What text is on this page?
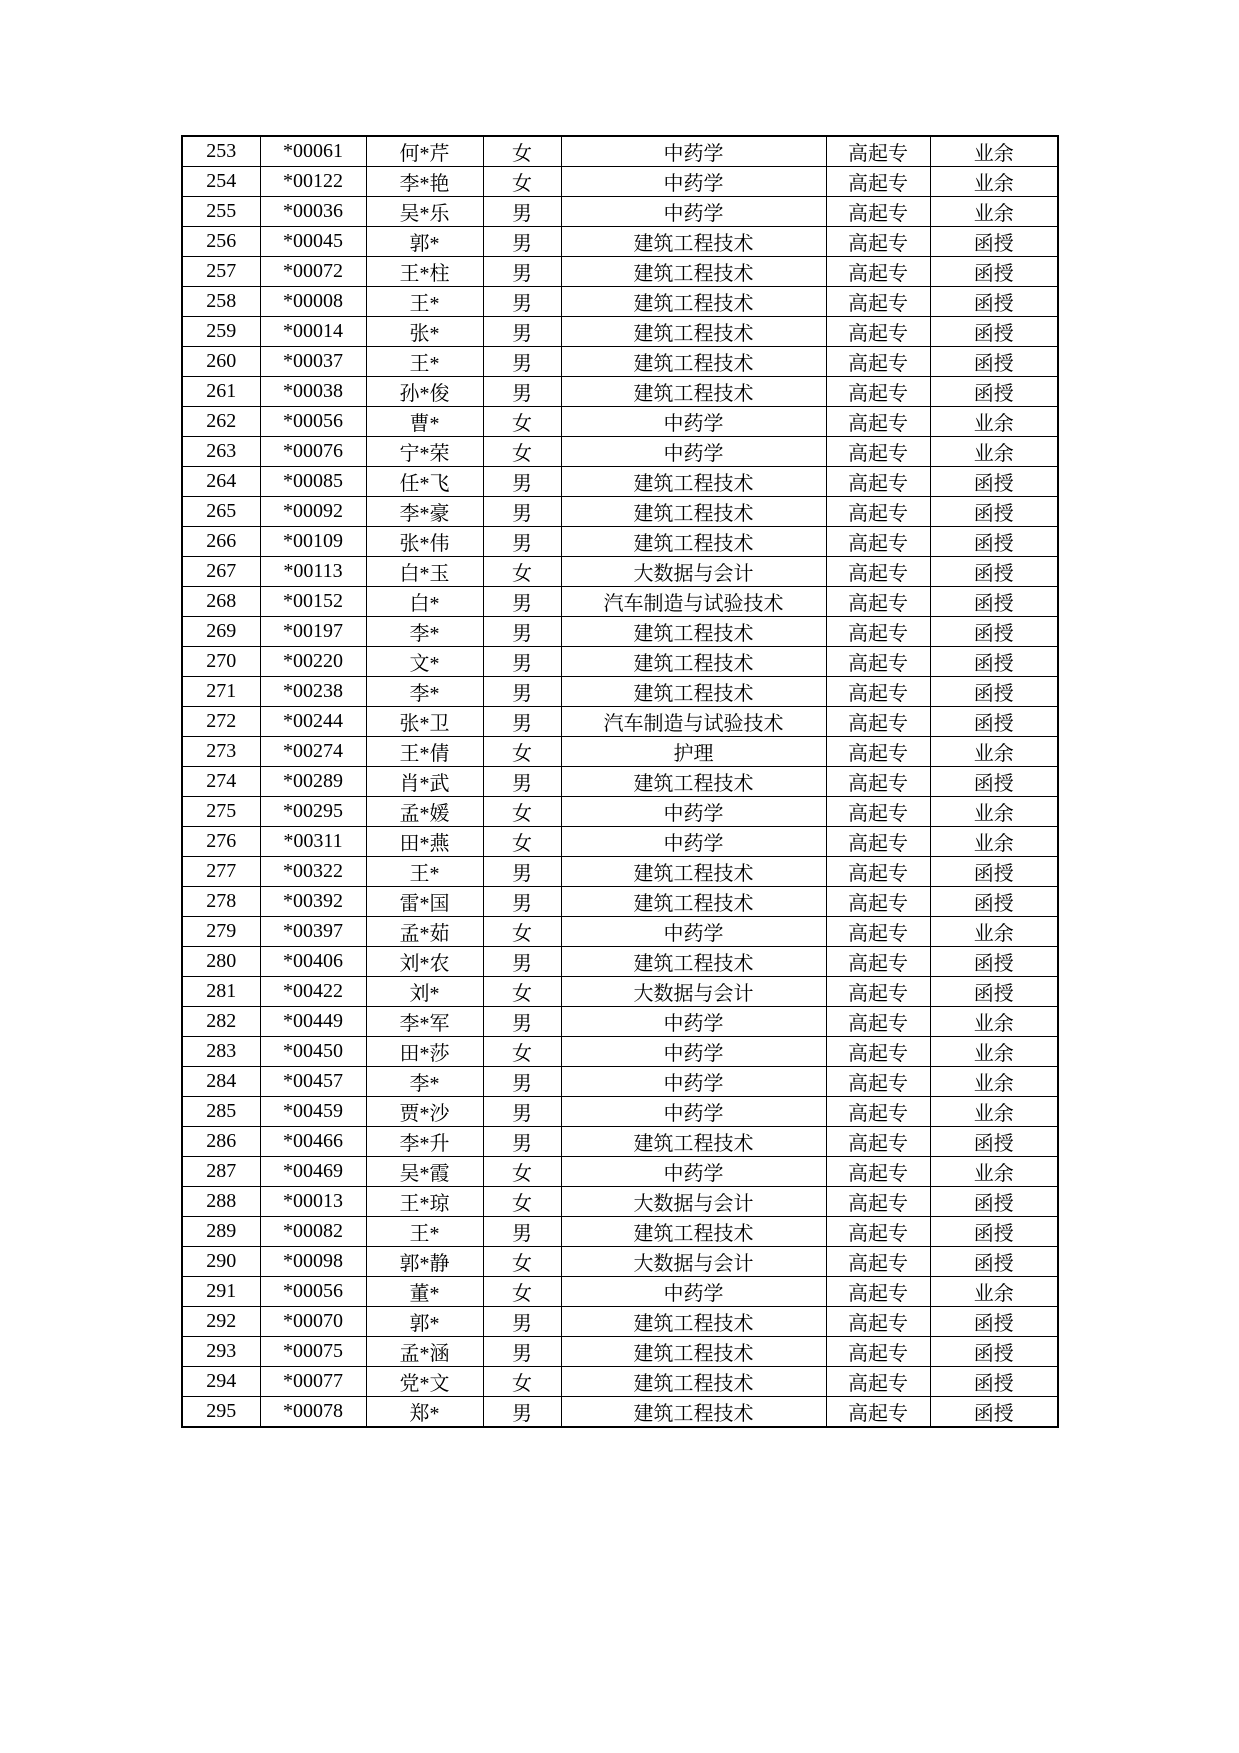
253	*00061	何*芹	女	中药学	高起专	业余
254	*00122	李*艳	女	中药学	高起专	业余
255	*00036	吴*乐	男	中药学	高起专	业余
256	*00045	郭*	男	建筑工程技术	高起专	函授
257	*00072	王*柱	男	建筑工程技术	高起专	函授
258	*00008	王*	男	建筑工程技术	高起专	函授
259	*00014	张*	男	建筑工程技术	高起专	函授
260	*00037	王*	男	建筑工程技术	高起专	函授
261	*00038	孙*俊	男	建筑工程技术	高起专	函授
262	*00056	曹*	女	中药学	高起专	业余
263	*00076	宁*荣	女	中药学	高起专	业余
264	*00085	任*飞	男	建筑工程技术	高起专	函授
265	*00092	李*豪	男	建筑工程技术	高起专	函授
266	*00109	张*伟	男	建筑工程技术	高起专	函授
267	*00113	白*玉	女	大数据与会计	高起专	函授
268	*00152	白*	男	汽车制造与试验技术	高起专	函授
269	*00197	李*	男	建筑工程技术	高起专	函授
270	*00220	文*	男	建筑工程技术	高起专	函授
271	*00238	李*	男	建筑工程技术	高起专	函授
272	*00244	张*卫	男	汽车制造与试验技术	高起专	函授
273	*00274	王*倩	女	护理	高起专	业余
274	*00289	肖*武	男	建筑工程技术	高起专	函授
275	*00295	孟*媛	女	中药学	高起专	业余
276	*00311	田*燕	女	中药学	高起专	业余
277	*00322	王*	男	建筑工程技术	高起专	函授
278	*00392	雷*国	男	建筑工程技术	高起专	函授
279	*00397	孟*茹	女	中药学	高起专	业余
280	*00406	刘*农	男	建筑工程技术	高起专	函授
281	*00422	刘*	女	大数据与会计	高起专	函授
282	*00449	李*军	男	中药学	高起专	业余
283	*00450	田*莎	女	中药学	高起专	业余
284	*00457	李*	男	中药学	高起专	业余
285	*00459	贾*沙	男	中药学	高起专	业余
286	*00466	李*升	男	建筑工程技术	高起专	函授
287	*00469	吴*霞	女	中药学	高起专	业余
288	*00013	王*琼	女	大数据与会计	高起专	函授
289	*00082	王*	男	建筑工程技术	高起专	函授
290	*00098	郭*静	女	大数据与会计	高起专	函授
291	*00056	董*	女	中药学	高起专	业余
292	*00070	郭*	男	建筑工程技术	高起专	函授
293	*00075	孟*涵	男	建筑工程技术	高起专	函授
294	*00077	党*文	女	建筑工程技术	高起专	函授
295	*00078	郑*	男	建筑工程技术	高起专	函授
